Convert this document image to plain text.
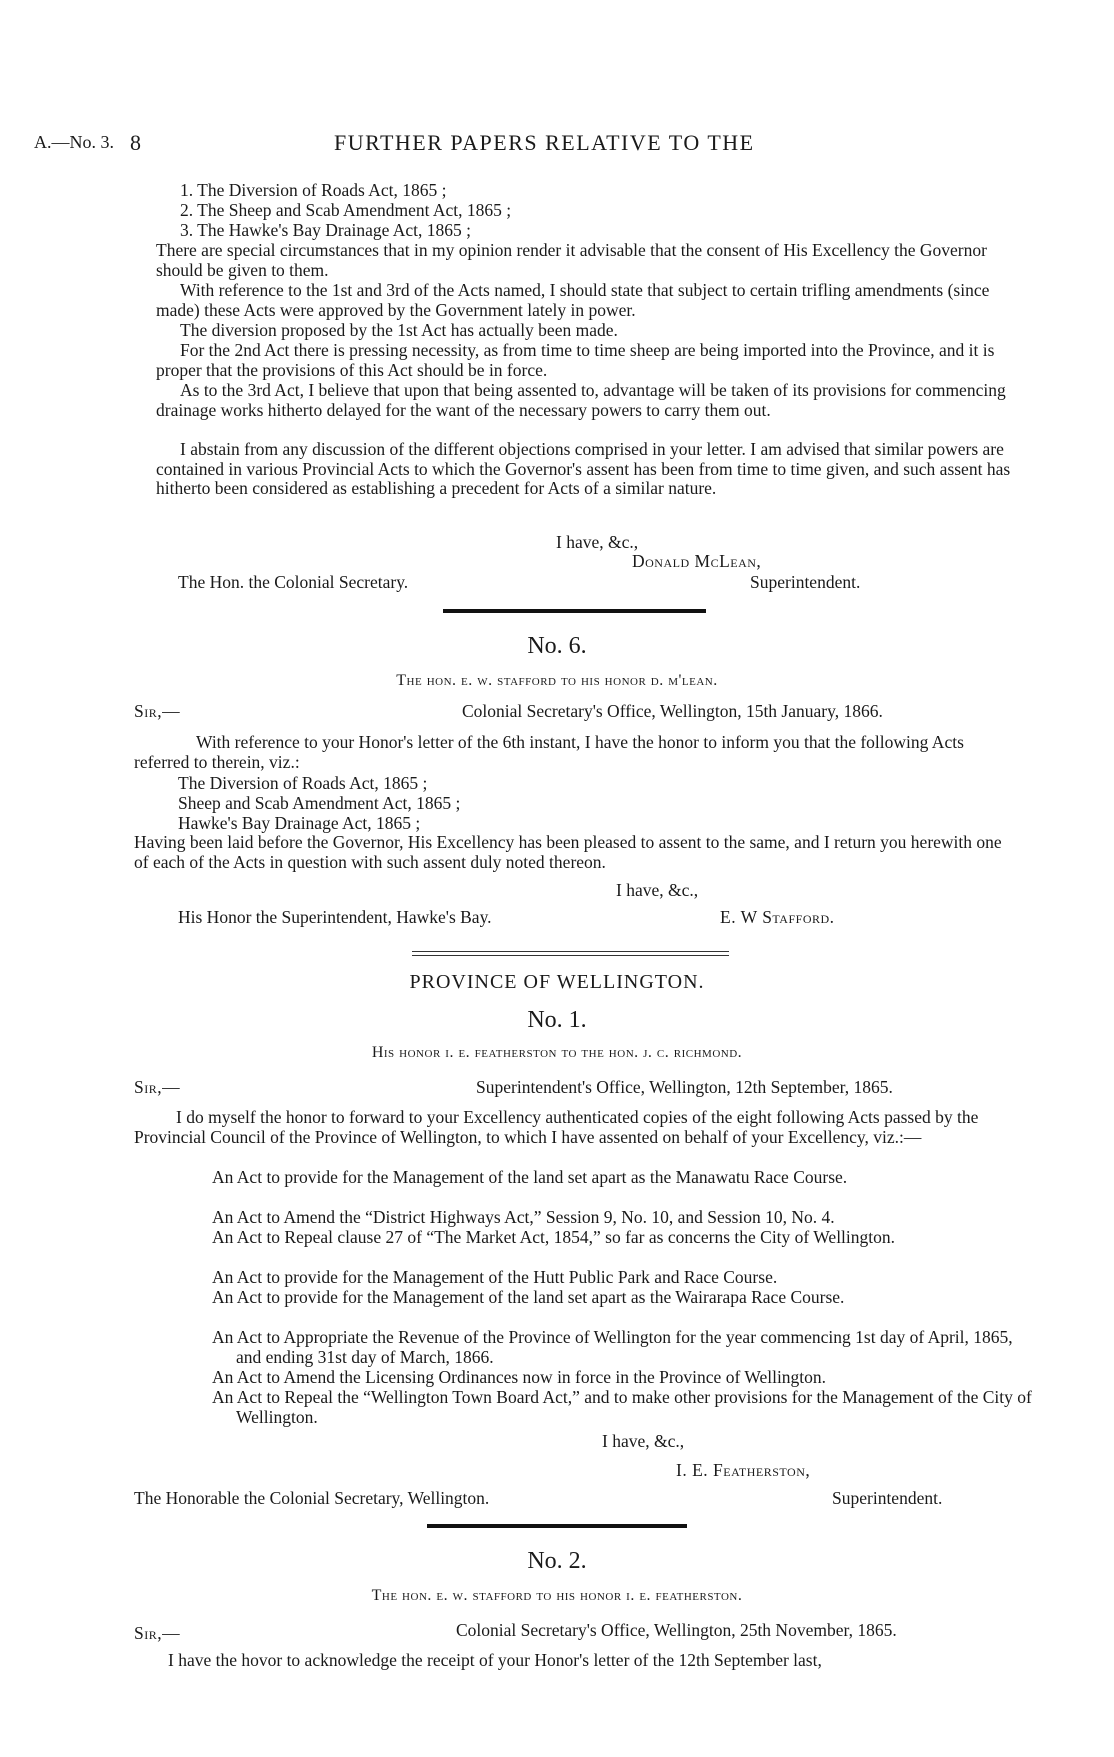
A.—No. 3. 8	FURTHER PAPERS RELATIVE TO THE
1. The Diversion of Roads Act, 1865 ;
2. The Sheep and Scab Amendment Act, 1865 ;
3. The Hawke's Bay Drainage Act, 1865 ;
There are special circumstances that in my opinion render it advisable that the consent of His Excellency the Governor should be given to them.
With reference to the 1st and 3rd of the Acts named, I should state that subject to certain trifling amendments (since made) these Acts were approved by the Government lately in power.
The diversion proposed by the 1st Act has actually been made.
For the 2nd Act there is pressing necessity, as from time to time sheep are being imported into the Province, and it is proper that the provisions of this Act should be in force.
As to the 3rd Act, I believe that upon that being assented to, advantage will be taken of its provisions for commencing drainage works hitherto delayed for the want of the necessary powers to carry them out.
I abstain from any discussion of the different objections comprised in your letter. I am advised that similar powers are contained in various Provincial Acts to which the Governor's assent has been from time to time given, and such assent has hitherto been considered as establishing a precedent for Acts of a similar nature.
I have, &c.,
Donald McLean,
The Hon. the Colonial Secretary.	Superintendent.
No. 6.
The hon. e. w. stafford to his honor d. m'lean.
Sir,—	Colonial Secretary's Office, Wellington, 15th January, 1866.
With reference to your Honor's letter of the 6th instant, I have the honor to inform you that the following Acts referred to therein, viz.:
The Diversion of Roads Act, 1865 ;
Sheep and Scab Amendment Act, 1865 ;
Hawke's Bay Drainage Act, 1865 ;
Having been laid before the Governor, His Excellency has been pleased to assent to the same, and I return you herewith one of each of the Acts in question with such assent duly noted thereon.
I have, &c.,
His Honor the Superintendent, Hawke's Bay.	E. W Stafford.
PROVINCE OF WELLINGTON.
No. 1.
His honor i. e. featherston to the hon. j. c. richmond.
Sir,—	Superintendent's Office, Wellington, 12th September, 1865.
I do myself the honor to forward to your Excellency authenticated copies of the eight following Acts passed by the Provincial Council of the Province of Wellington, to which I have assented on behalf of your Excellency, viz.:—
An Act to provide for the Management of the land set apart as the Manawatu Race Course.
An Act to Amend the “District Highways Act,” Session 9, No. 10, and Session 10, No. 4.
An Act to Repeal clause 27 of “The Market Act, 1854,” so far as concerns the City of Wellington.
An Act to provide for the Management of the Hutt Public Park and Race Course.
An Act to provide for the Management of the land set apart as the Wairarapa Race Course.
An Act to Appropriate the Revenue of the Province of Wellington for the year commencing 1st day of April, 1865, and ending 31st day of March, 1866.
An Act to Amend the Licensing Ordinances now in force in the Province of Wellington.
An Act to Repeal the “Wellington Town Board Act,” and to make other provisions for the Management of the City of Wellington.
I have, &c.,
I. E. Featherston,
The Honorable the Colonial Secretary, Wellington.	Superintendent.
No. 2.
The hon. e. w. stafford to his honor i. e. featherston.
Sir,—	Colonial Secretary's Office, Wellington, 25th November, 1865.
I have the hovor to acknowledge the receipt of your Honor's letter of the 12th September last,
